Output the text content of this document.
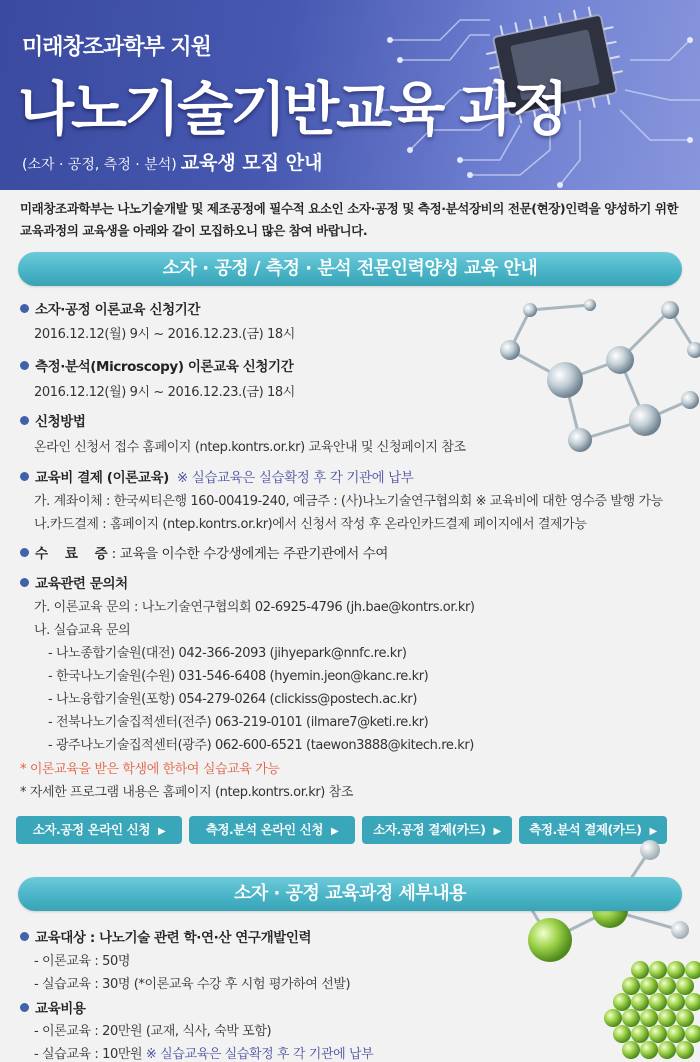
미래창조과학부 지원
나노기술기반교육 과정
(소자 · 공정, 측정 · 분석) 교육생 모집 안내
미래창조과학부는 나노기술개발 및 제조공정에 필수적 요소인 소자·공정 및 측정·분석장비의 전문(현장)인력을 양성하기 위한
교육과정의 교육생을 아래와 같이 모집하오니 많은 참여 바랍니다.
소자 · 공정 / 측정 · 분석 전문인력양성 교육 안내
소자·공정 이론교육 신청기간
2016.12.12(월) 9시 ~ 2016.12.23.(금) 18시
측정·분석(Microscopy) 이론교육 신청기간
2016.12.12(월) 9시 ~ 2016.12.23.(금) 18시
신청방법
온라인 신청서 접수 홈페이지 (ntep.kontrs.or.kr) 교육안내 및 신청페이지 참조
교육비 결제 (이론교육) ※ 실습교육은 실습확정 후 각 기관에 납부
가. 계좌이체 : 한국씨티은행 160-00419-240, 예금주 : (사)나노기술연구협의회 ※ 교육비에 대한 영수증 발행 가능
나.카드결제 : 홈페이지 (ntep.kontrs.or.kr)에서 신청서 작성 후 온라인카드결제 페이지에서 결제가능
수    료    증 : 교육을 이수한 수강생에게는 주관기관에서 수여
교육관련 문의처
가. 이론교육 문의 : 나노기술연구협의회 02-6925-4796 (jh.bae@kontrs.or.kr)
나. 실습교육 문의
- 나노종합기술원(대전) 042-366-2093 (jihyepark@nnfc.re.kr)
- 한국나노기술원(수원) 031-546-6408 (hyemin.jeon@kanc.re.kr)
- 나노융합기술원(포항) 054-279-0264 (clickiss@postech.ac.kr)
- 전북나노기술집적센터(전주) 063-219-0101 (ilmare7@keti.re.kr)
- 광주나노기술집적센터(광주) 062-600-6521 (taewon3888@kitech.re.kr)
* 이론교육을 받은 학생에 한하여 실습교육 가능
* 자세한 프로그램 내용은 홈페이지 (ntep.kontrs.or.kr) 참조
소자.공정 온라인 신청 ▶	측정.분석 온라인 신청 ▶	소자.공정 결제(카드) ▶	측정.분석 결제(카드) ▶
소자 · 공정 교육과정 세부내용
교육대상 : 나노기술 관련 학·연·산 연구개발인력
- 이론교육 : 50명
- 실습교육 : 30명 (*이론교육 수강 후 시험 평가하여 선발)
교육비용
- 이론교육 : 20만원 (교재, 식사, 숙박 포함)
- 실습교육 : 10만원 ※ 실습교육은 실습확정 후 각 기관에 납부
